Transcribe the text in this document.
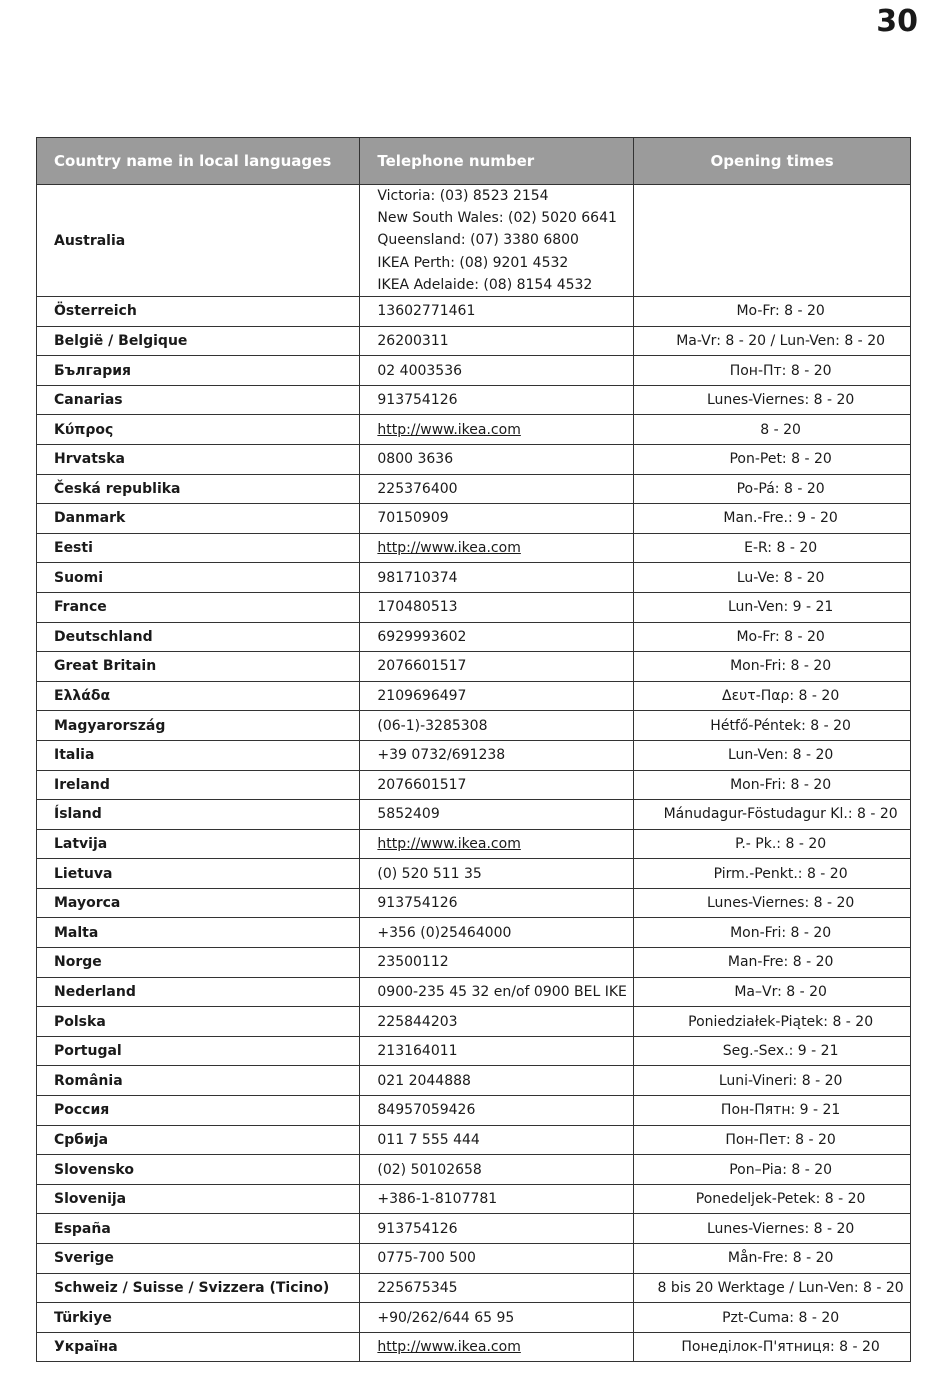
30
Country name in local languages	Telephone number	Opening times
Australia	Victoria: (03) 8523 2154
New South Wales: (02) 5020 6641
Queensland: (07) 3380 6800
IKEA Perth: (08) 9201 4532
IKEA Adelaide: (08) 8154 4532	

Österreich	13602771461	Mo-Fr: 8 - 20
België / Belgique	26200311	Ma-Vr: 8 - 20 / Lun-Ven: 8 - 20
България	02 4003536	Пон-Пт: 8 - 20
Canarias	913754126	Lunes-Viernes: 8 - 20
Κύπρος	http://www.ikea.com	8 - 20
Hrvatska	0800 3636	Pon-Pet: 8 - 20
Česká republika	225376400	Po-Pá: 8 - 20
Danmark	70150909	Man.-Fre.: 9 - 20
Eesti	http://www.ikea.com	E-R: 8 - 20
Suomi	981710374	Lu-Ve: 8 - 20
France	170480513	Lun-Ven: 9 - 21
Deutschland	6929993602	Mo-Fr: 8 - 20
Great Britain	2076601517	Mon-Fri: 8 - 20
Ελλάδα	2109696497	Δευτ-Παρ: 8 - 20
Magyarország	(06-1)-3285308	Hétfő-Péntek: 8 - 20
Italia	+39 0732/691238	Lun-Ven: 8 - 20
Ireland	2076601517	Mon-Fri: 8 - 20
Ísland	5852409	Mánudagur-Föstudagur Kl.: 8 - 20
Latvija	http://www.ikea.com	P.- Pk.: 8 - 20
Lietuva	(0) 520 511 35	Pirm.-Penkt.: 8 - 20
Mayorca	913754126	Lunes-Viernes: 8 - 20
Malta	+356 (0)25464000	Mon-Fri: 8 - 20
Norge	23500112	Man-Fre: 8 - 20
Nederland	0900-235 45 32 en/of 0900 BEL IKE	Ma–Vr: 8 - 20
Polska	225844203	Poniedziałek-Piątek: 8 - 20
Portugal	213164011	Seg.-Sex.: 9 - 21
România	021 2044888	Luni-Vineri: 8 - 20
Россия	84957059426	Пон-Пятн: 9 - 21
Србија	011 7 555 444	Пон-Пет: 8 - 20
Slovensko	(02) 50102658	Pon–Pia: 8 - 20
Slovenija	+386-1-8107781	Ponedeljek-Petek: 8 - 20
España	913754126	Lunes-Viernes: 8 - 20
Sverige	0775-700 500	Mån-Fre: 8 - 20
Schweiz / Suisse / Svizzera (Ticino)	225675345	8 bis 20 Werktage / Lun-Ven: 8 - 20
Türkiye	+90/262/644 65 95	Pzt-Cuma: 8 - 20
Україна	http://www.ikea.com	Понеділок-П'ятниця: 8 - 20
